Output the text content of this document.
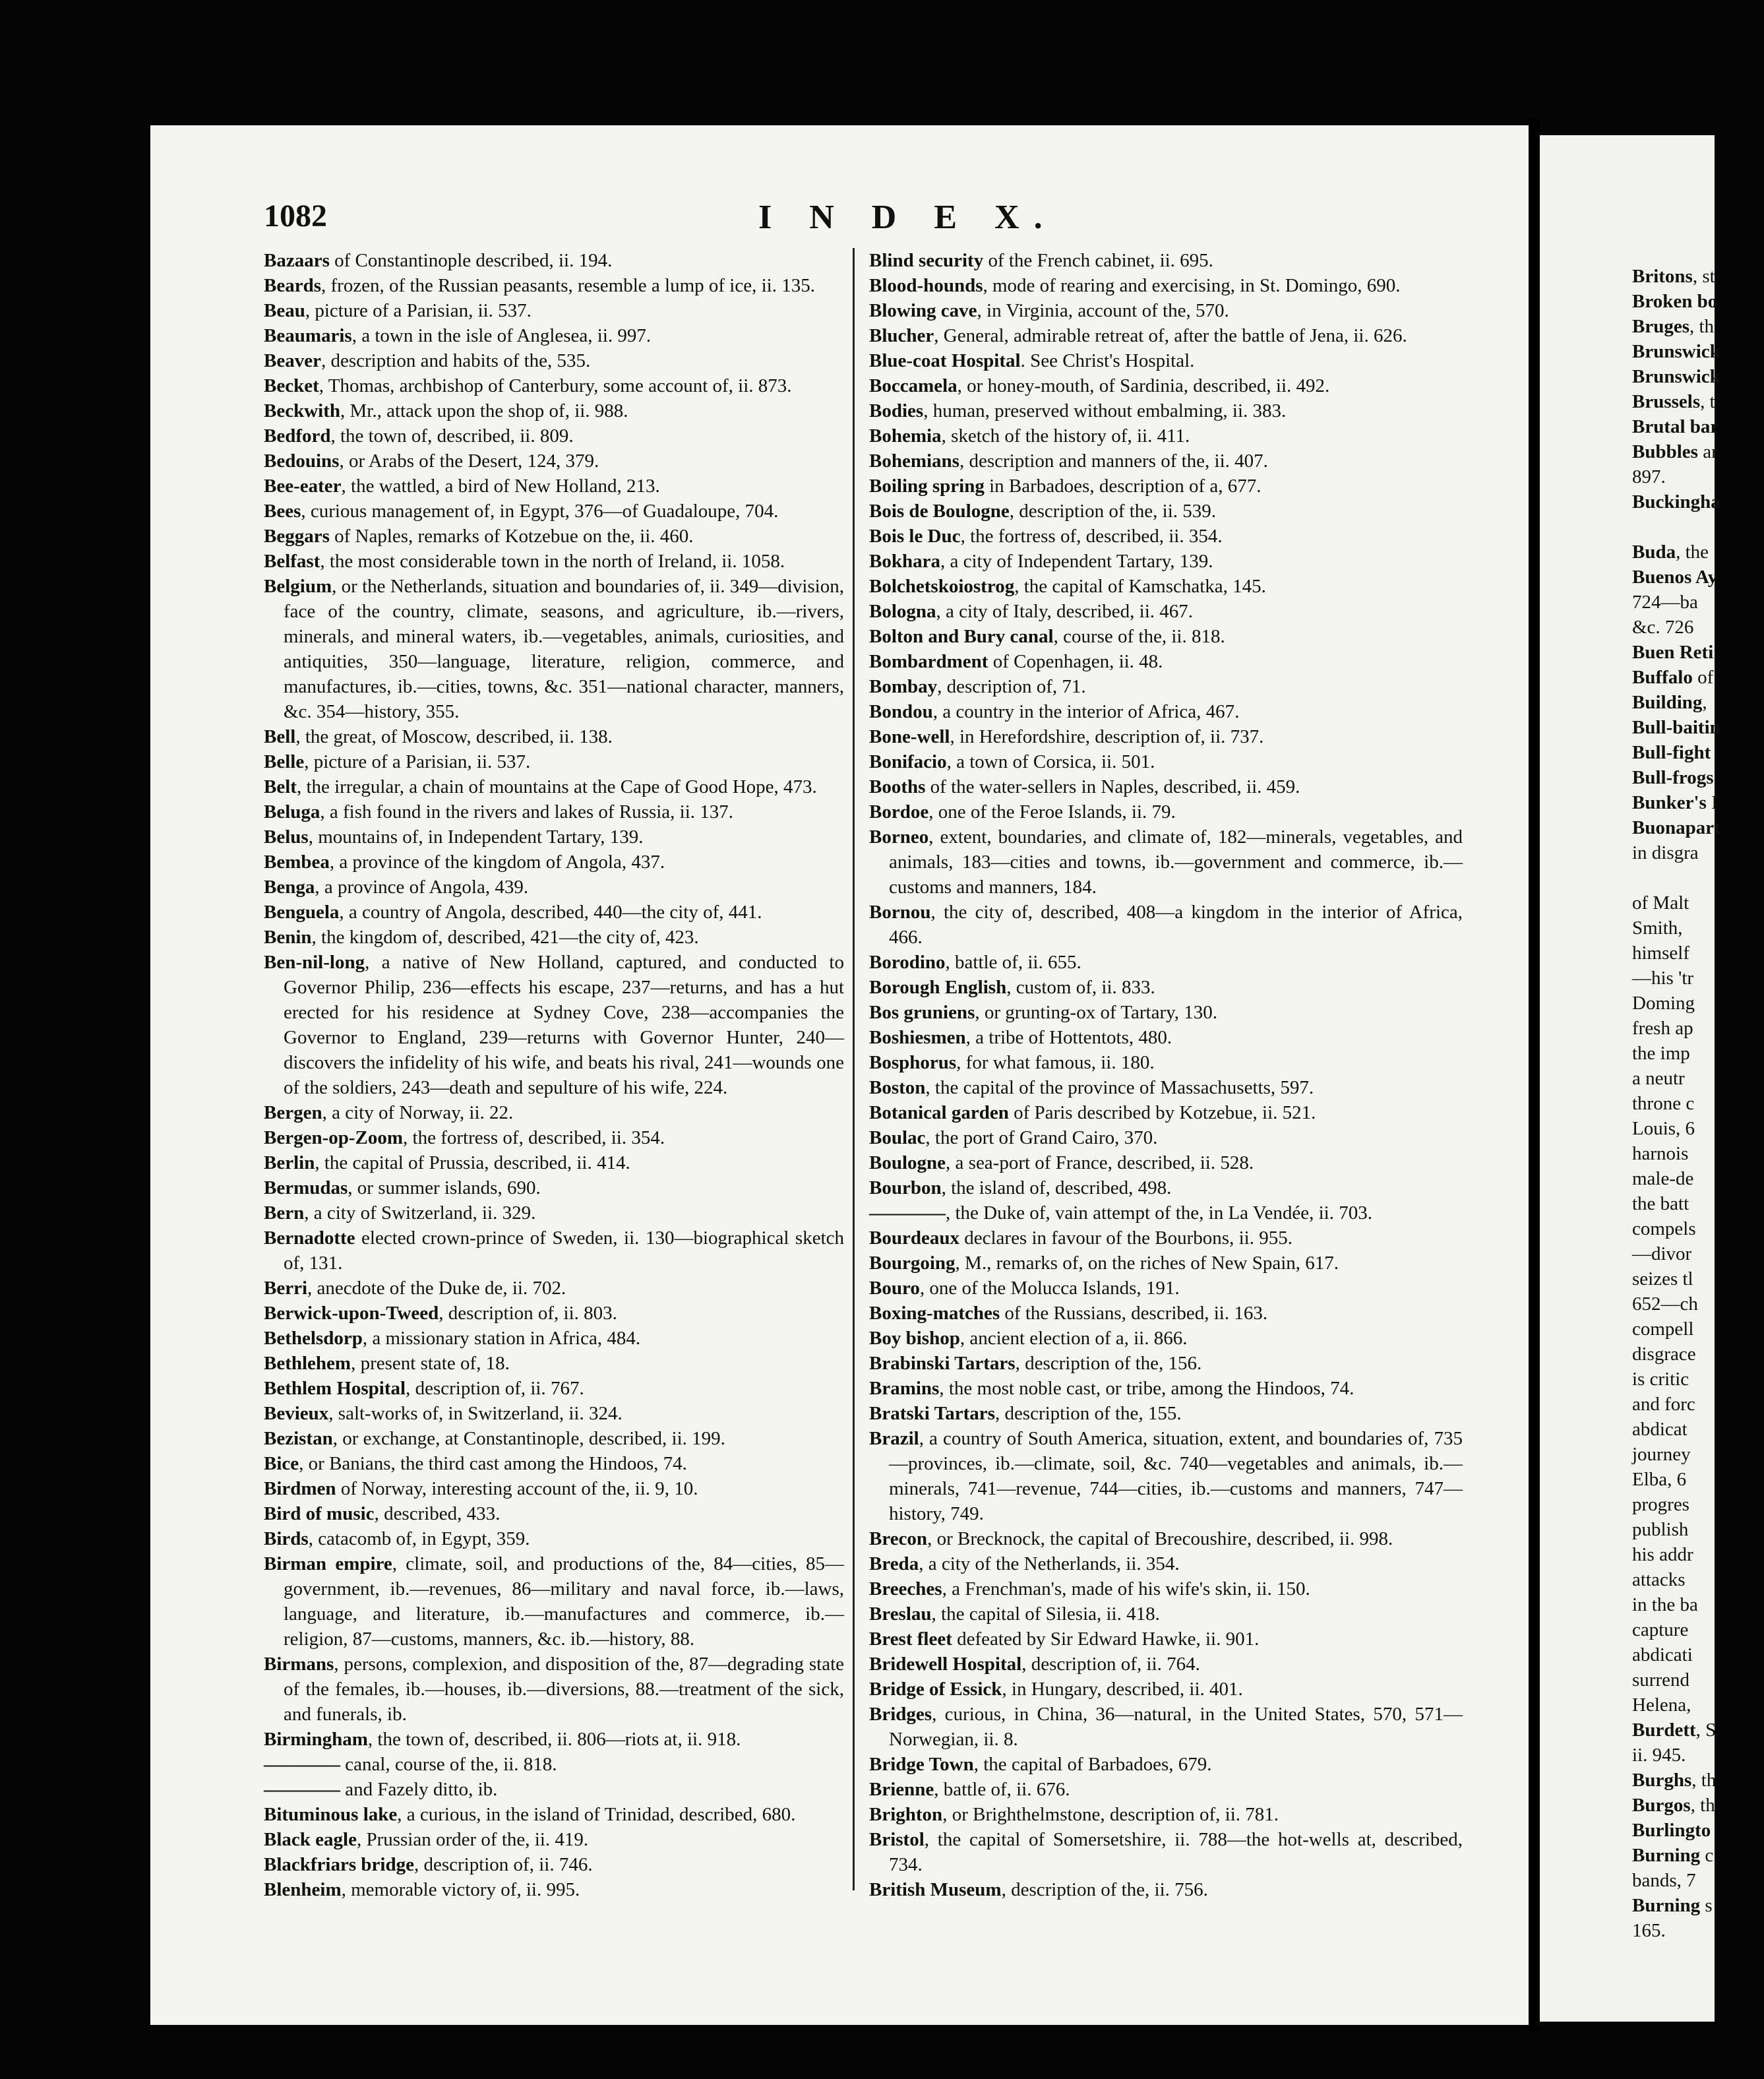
1082	I N D E X.

Bazaars of Constantinople described, ii. 194.

Beards, frozen, of the Russian peasants, resemble a lump of ice, ii. 135.

Beau, picture of a Parisian, ii. 537.

Beaumaris, a town in the isle of Anglesea, ii. 997.

Beaver, description and habits of the, 535.

Becket, Thomas, archbishop of Canterbury, some account of, ii. 873.

Beckwith, Mr., attack upon the shop of, ii. 988.

Bedford, the town of, described, ii. 809.

Bedouins, or Arabs of the Desert, 124, 379.

Bee-eater, the wattled, a bird of New Holland, 213.

Bees, curious management of, in Egypt, 376—of Guadaloupe, 704.

Beggars of Naples, remarks of Kotzebue on the, ii. 460.

Belfast, the most considerable town in the north of Ireland, ii. 1058.

Belgium, or the Netherlands, situation and boundaries of, ii. 349—division, face of the country, climate, seasons, and agriculture, ib.—rivers, minerals, and mineral waters, ib.—vegetables, animals, curiosities, and antiquities, 350—language, literature, religion, commerce, and manufactures, ib.—cities, towns, &c. 351—national character, manners, &c. 354—history, 355.

Bell, the great, of Moscow, described, ii. 138.

Belle, picture of a Parisian, ii. 537.

Belt, the irregular, a chain of mountains at the Cape of Good Hope, 473.

Beluga, a fish found in the rivers and lakes of Russia, ii. 137.

Belus, mountains of, in Independent Tartary, 139.

Bembea, a province of the kingdom of Angola, 437.

Benga, a province of Angola, 439.

Benguela, a country of Angola, described, 440—the city of, 441.

Benin, the kingdom of, described, 421—the city of, 423.

Ben-nil-long, a native of New Holland, captured, and conducted to Governor Philip, 236—effects his escape, 237—returns, and has a hut erected for his residence at Sydney Cove, 238—accompanies the Governor to England, 239—returns with Governor Hunter, 240—discovers the infidelity of his wife, and beats his rival, 241—wounds one of the soldiers, 243—death and sepulture of his wife, 224.

Bergen, a city of Norway, ii. 22.

Bergen-op-Zoom, the fortress of, described, ii. 354.

Berlin, the capital of Prussia, described, ii. 414.

Bermudas, or summer islands, 690.

Bern, a city of Switzerland, ii. 329.

Bernadotte elected crown-prince of Sweden, ii. 130—biographical sketch of, 131.

Berri, anecdote of the Duke de, ii. 702.

Berwick-upon-Tweed, description of, ii. 803.

Bethelsdorp, a missionary station in Africa, 484.

Bethlehem, present state of, 18.

Bethlem Hospital, description of, ii. 767.

Bevieux, salt-works of, in Switzerland, ii. 324.

Bezistan, or exchange, at Constantinople, described, ii. 199.

Bice, or Banians, the third cast among the Hindoos, 74.

Birdmen of Norway, interesting account of the, ii. 9, 10.

Bird of music, described, 433.

Birds, catacomb of, in Egypt, 359.

Birman empire, climate, soil, and productions of the, 84—cities, 85—government, ib.—revenues, 86—military and naval force, ib.—laws, language, and literature, ib.—manufactures and commerce, ib.—religion, 87—customs, manners, &c. ib.—history, 88.

Birmans, persons, complexion, and disposition of the, 87—degrading state of the females, ib.—houses, ib.—diversions, 88.—treatment of the sick, and funerals, ib.

Birmingham, the town of, described, ii. 806—riots at, ii. 918.

———— canal, course of the, ii. 818.

———— and Fazely ditto, ib.

Bituminous lake, a curious, in the island of Trinidad, described, 680.

Black eagle, Prussian order of the, ii. 419.

Blackfriars bridge, description of, ii. 746.

Blenheim, memorable victory of, ii. 995.

Blind security of the French cabinet, ii. 695.

Blood-hounds, mode of rearing and exercising, in St. Domingo, 690.

Blowing cave, in Virginia, account of the, 570.

Blucher, General, admirable retreat of, after the battle of Jena, ii. 626.

Blue-coat Hospital. See Christ's Hospital.

Boccamela, or honey-mouth, of Sardinia, described, ii. 492.

Bodies, human, preserved without embalming, ii. 383.

Bohemia, sketch of the history of, ii. 411.

Bohemians, description and manners of the, ii. 407.

Boiling spring in Barbadoes, description of a, 677.

Bois de Boulogne, description of the, ii. 539.

Bois le Duc, the fortress of, described, ii. 354.

Bokhara, a city of Independent Tartary, 139.

Bolchetskoiostrog, the capital of Kamschatka, 145.

Bologna, a city of Italy, described, ii. 467.

Bolton and Bury canal, course of the, ii. 818.

Bombardment of Copenhagen, ii. 48.

Bombay, description of, 71.

Bondou, a country in the interior of Africa, 467.

Bone-well, in Herefordshire, description of, ii. 737.

Bonifacio, a town of Corsica, ii. 501.

Booths of the water-sellers in Naples, described, ii. 459.

Bordoe, one of the Feroe Islands, ii. 79.

Borneo, extent, boundaries, and climate of, 182—minerals, vegetables, and animals, 183—cities and towns, ib.—government and commerce, ib.—customs and manners, 184.

Bornou, the city of, described, 408—a kingdom in the interior of Africa, 466.

Borodino, battle of, ii. 655.

Borough English, custom of, ii. 833.

Bos gruniens, or grunting-ox of Tartary, 130.

Boshiesmen, a tribe of Hottentots, 480.

Bosphorus, for what famous, ii. 180.

Boston, the capital of the province of Massachusetts, 597.

Botanical garden of Paris described by Kotzebue, ii. 521.

Boulac, the port of Grand Cairo, 370.

Boulogne, a sea-port of France, described, ii. 528.

Bourbon, the island of, described, 498.

————, the Duke of, vain attempt of the, in La Vendée, ii. 703.

Bourdeaux declares in favour of the Bourbons, ii. 955.

Bourgoing, M., remarks of, on the riches of New Spain, 617.

Bouro, one of the Molucca Islands, 191.

Boxing-matches of the Russians, described, ii. 163.

Boy bishop, ancient election of a, ii. 866.

Brabinski Tartars, description of the, 156.

Bramins, the most noble cast, or tribe, among the Hindoos, 74.

Bratski Tartars, description of the, 155.

Brazil, a country of South America, situation, extent, and boundaries of, 735—provinces, ib.—climate, soil, &c. 740—vegetables and animals, ib.—minerals, 741—revenue, 744—cities, ib.—customs and manners, 747—history, 749.

Brecon, or Brecknock, the capital of Brecoushire, described, ii. 998.

Breda, a city of the Netherlands, ii. 354.

Breeches, a Frenchman's, made of his wife's skin, ii. 150.

Breslau, the capital of Silesia, ii. 418.

Brest fleet defeated by Sir Edward Hawke, ii. 901.

Bridewell Hospital, description of, ii. 764.

Bridge of Essick, in Hungary, described, ii. 401.

Bridges, curious, in China, 36—natural, in the United States, 570, 571—Norwegian, ii. 8.

Bridge Town, the capital of Barbadoes, 679.

Brienne, battle of, ii. 676.

Brighton, or Brighthelmstone, description of, ii. 781.

Bristol, the capital of Somersetshire, ii. 788—the hot-wells at, described, 734.

British Museum, description of the, ii. 756.

Britons, st

Broken bo

Bruges, th

Brunswick

Brunswick

Brussels, t

Brutal bar

Bubbles ar

897.

Buckingha

Buda, the

Buenos Ay

724—ba

&c. 726

Buen Reti

Buffalo of

Building,

Bull-baitin

Bull-fight

Bull-frogs

Bunker's I

Buonapart

in disgra

of Malt

Smith,

himself

—his 'tr

Doming

fresh ap

the imp

a neutr

throne c

Louis, 6

harnois

male-de

the batt

compels

—divor

seizes tl

652—ch

compell

disgrace

is critic

and forc

abdicat

journey

Elba, 6

progres

publish

his addr

attacks

in the ba

capture

abdicati

surrend

Helena,

Burdett, S

ii. 945.

Burghs, th

Burgos, th

Burlingto

Burning c

bands, 7

Burning s

165.
